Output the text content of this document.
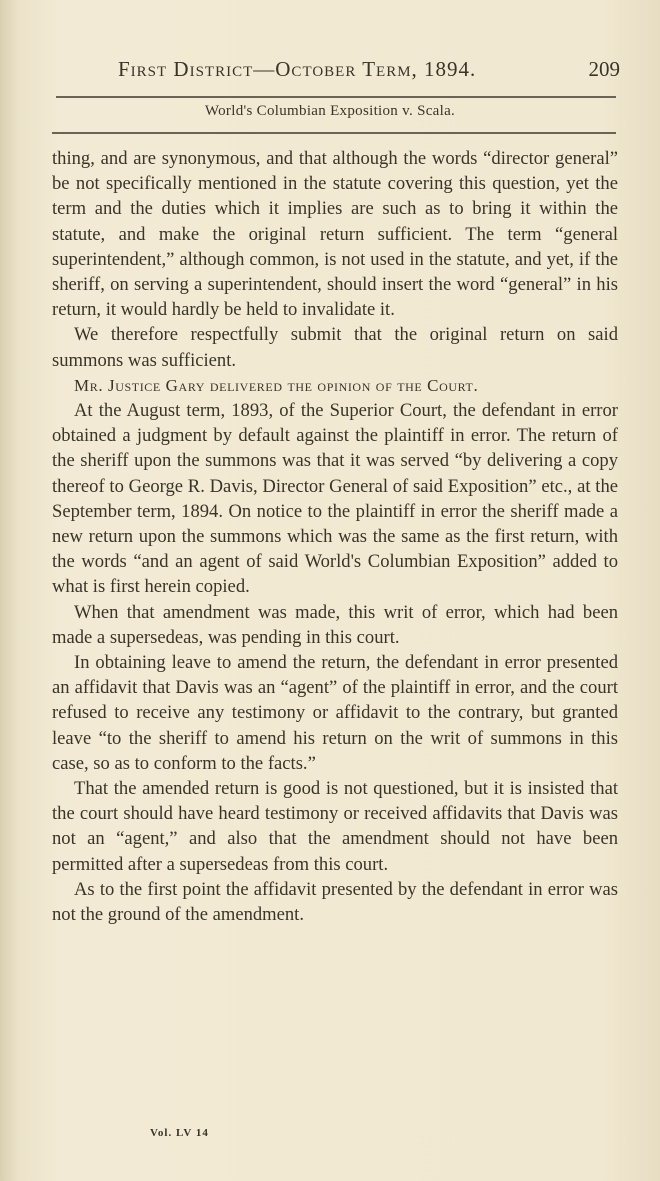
First District—October Term, 1894.	209
World's Columbian Exposition v. Scala.

thing, and are synonymous, and that although the words “director general” be not specifically mentioned in the statute covering this question, yet the term and the duties which it implies are such as to bring it within the statute, and make the original return sufficient. The term “general superintendent,” although common, is not used in the statute, and yet, if the sheriff, on serving a superintendent, should insert the word “general” in his return, it would hardly be held to invalidate it.

We therefore respectfully submit that the original return on said summons was sufficient.

Mr. Justice Gary delivered the opinion of the Court.

At the August term, 1893, of the Superior Court, the defendant in error obtained a judgment by default against the plaintiff in error. The return of the sheriff upon the summons was that it was served “by delivering a copy thereof to George R. Davis, Director General of said Exposition” etc., at the September term, 1894. On notice to the plaintiff in error the sheriff made a new return upon the summons which was the same as the first return, with the words “and an agent of said World's Columbian Exposition” added to what is first herein copied.

When that amendment was made, this writ of error, which had been made a supersedeas, was pending in this court.

In obtaining leave to amend the return, the defendant in error presented an affidavit that Davis was an “agent” of the plaintiff in error, and the court refused to receive any testimony or affidavit to the contrary, but granted leave “to the sheriff to amend his return on the writ of summons in this case, so as to conform to the facts.”

That the amended return is good is not questioned, but it is insisted that the court should have heard testimony or received affidavits that Davis was not an “agent,” and also that the amendment should not have been permitted after a supersedeas from this court.

As to the first point the affidavit presented by the defendant in error was not the ground of the amendment.

Vol. LV 14
